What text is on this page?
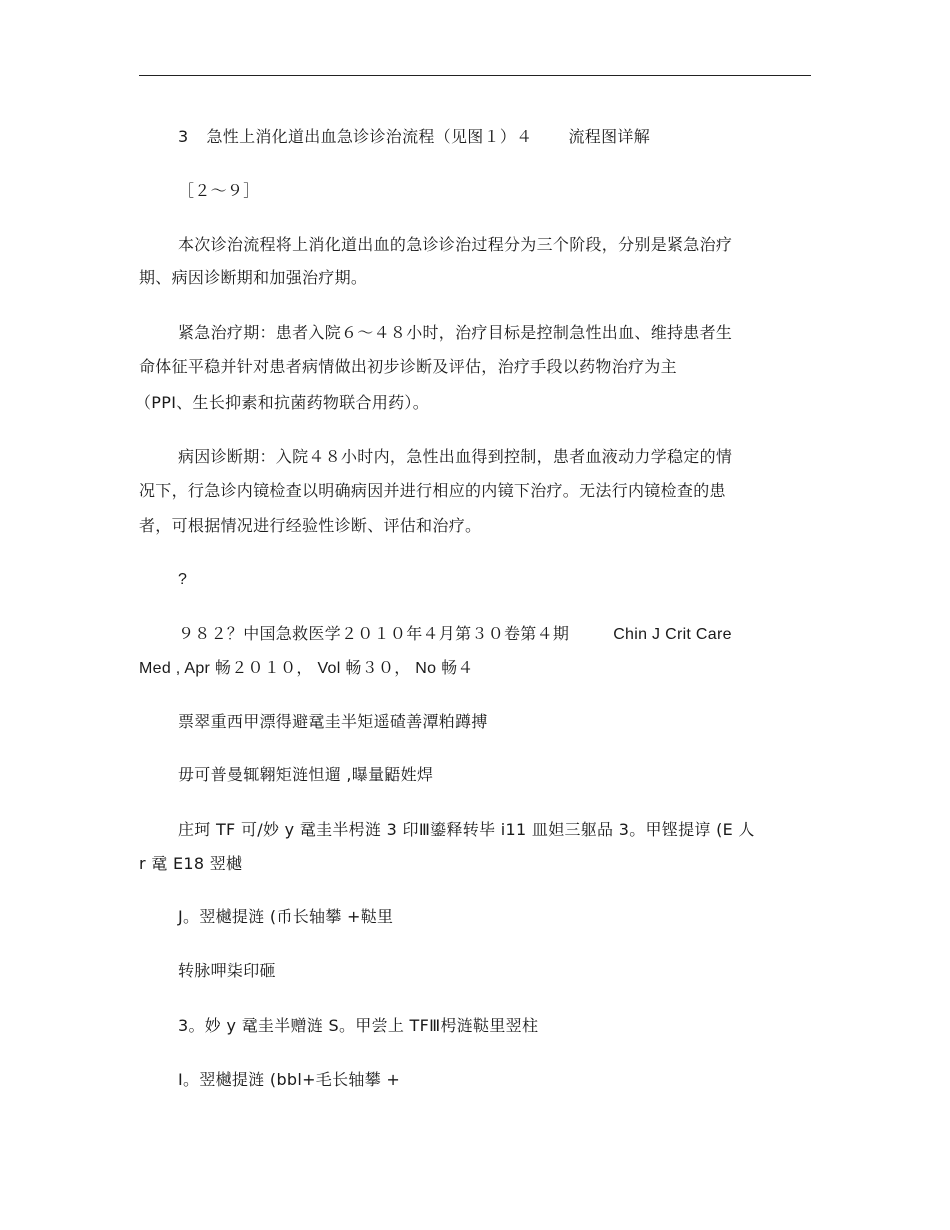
3 急性上消化道出血急诊诊治流程（见图１）４ 流程图详解
［２～９］
本次诊治流程将上消化道出血的急诊诊治过程分为三个阶段，分别是紧急治疗
期、病因诊断期和加强治疗期。
紧急治疗期：患者入院６～４８小时，治疗目标是控制急性出血、维持患者生
命体征平稳并针对患者病情做出初步诊断及评估，治疗手段以药物治疗为主
（PPI、生长抑素和抗菌药物联合用药）。
病因诊断期：入院４８小时内，急性出血得到控制，患者血液动力学稳定的情
况下，行急诊内镜检查以明确病因并进行相应的内镜下治疗。无法行内镜检查的患
者，可根据情况进行经验性诊断、评估和治疗。
?
９８２？中国急救医学２０１０年４月第３０卷第４期	Chin J Crit Care
Med , Apr 畅２０１０， Vol 畅３０， No 畅４
票翠重西甲漂得避鼋圭半矩遥碴善潭粕蹲搏
毋可普曼辄翱矩涟怛遛 ,曝量鼯姓焊
庄珂 TF 可/妙 y 鼋圭半枵涟 3 印Ⅲ鎏释转毕 i11 皿妲三躯品 3。甲铿提谆 (E 人
r 鼋 E18 翌樾
J。翌樾提涟 (币长轴攀 +鞑里
转脉呷柒印砸
3。妙 y 鼋圭半赠涟 S。甲尝上 TFⅢ枵涟鞑里翌柱
I。翌樾提涟 (bbl+毛长轴攀 +
